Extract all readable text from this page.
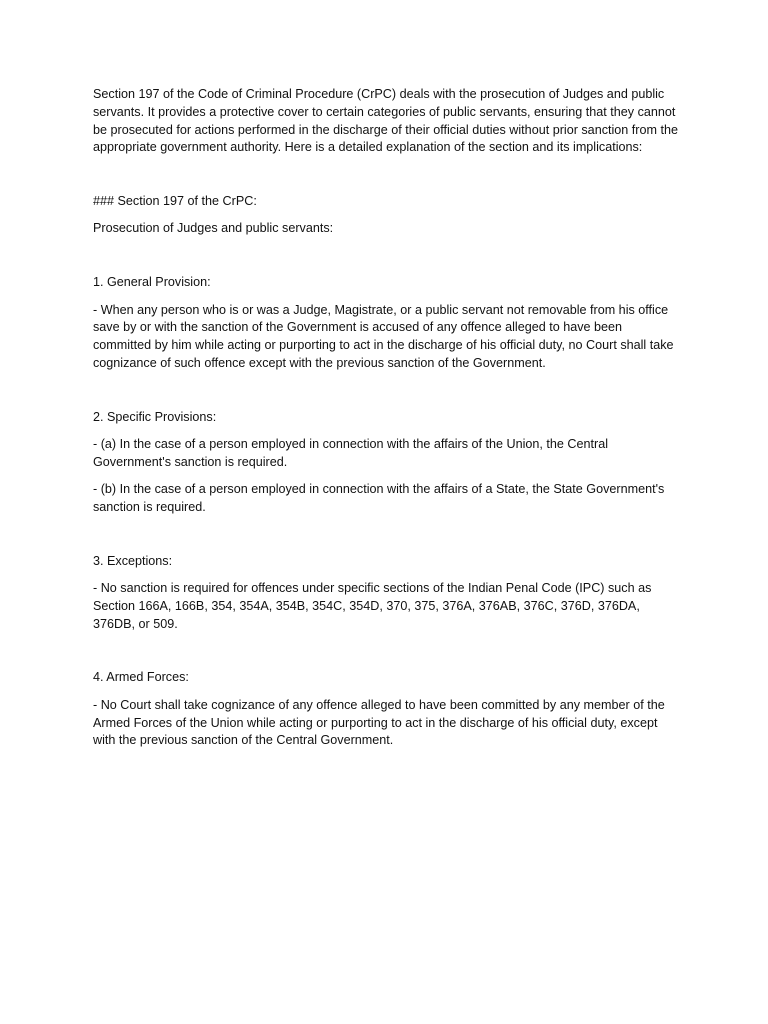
Section 197 of the Code of Criminal Procedure (CrPC) deals with the prosecution of Judges and public servants. It provides a protective cover to certain categories of public servants, ensuring that they cannot be prosecuted for actions performed in the discharge of their official duties without prior sanction from the appropriate government authority. Here is a detailed explanation of the section and its implications:

### Section 197 of the CrPC:

Prosecution of Judges and public servants:

1. General Provision:

- When any person who is or was a Judge, Magistrate, or a public servant not removable from his office save by or with the sanction of the Government is accused of any offence alleged to have been committed by him while acting or purporting to act in the discharge of his official duty, no Court shall take cognizance of such offence except with the previous sanction of the Government.

2. Specific Provisions:

- (a) In the case of a person employed in connection with the affairs of the Union, the Central Government's sanction is required.

- (b) In the case of a person employed in connection with the affairs of a State, the State Government's sanction is required.

3. Exceptions:

- No sanction is required for offences under specific sections of the Indian Penal Code (IPC) such as Section 166A, 166B, 354, 354A, 354B, 354C, 354D, 370, 375, 376A, 376AB, 376C, 376D, 376DA, 376DB, or 509.

4. Armed Forces:

- No Court shall take cognizance of any offence alleged to have been committed by any member of the Armed Forces of the Union while acting or purporting to act in the discharge of his official duty, except with the previous sanction of the Central Government.
